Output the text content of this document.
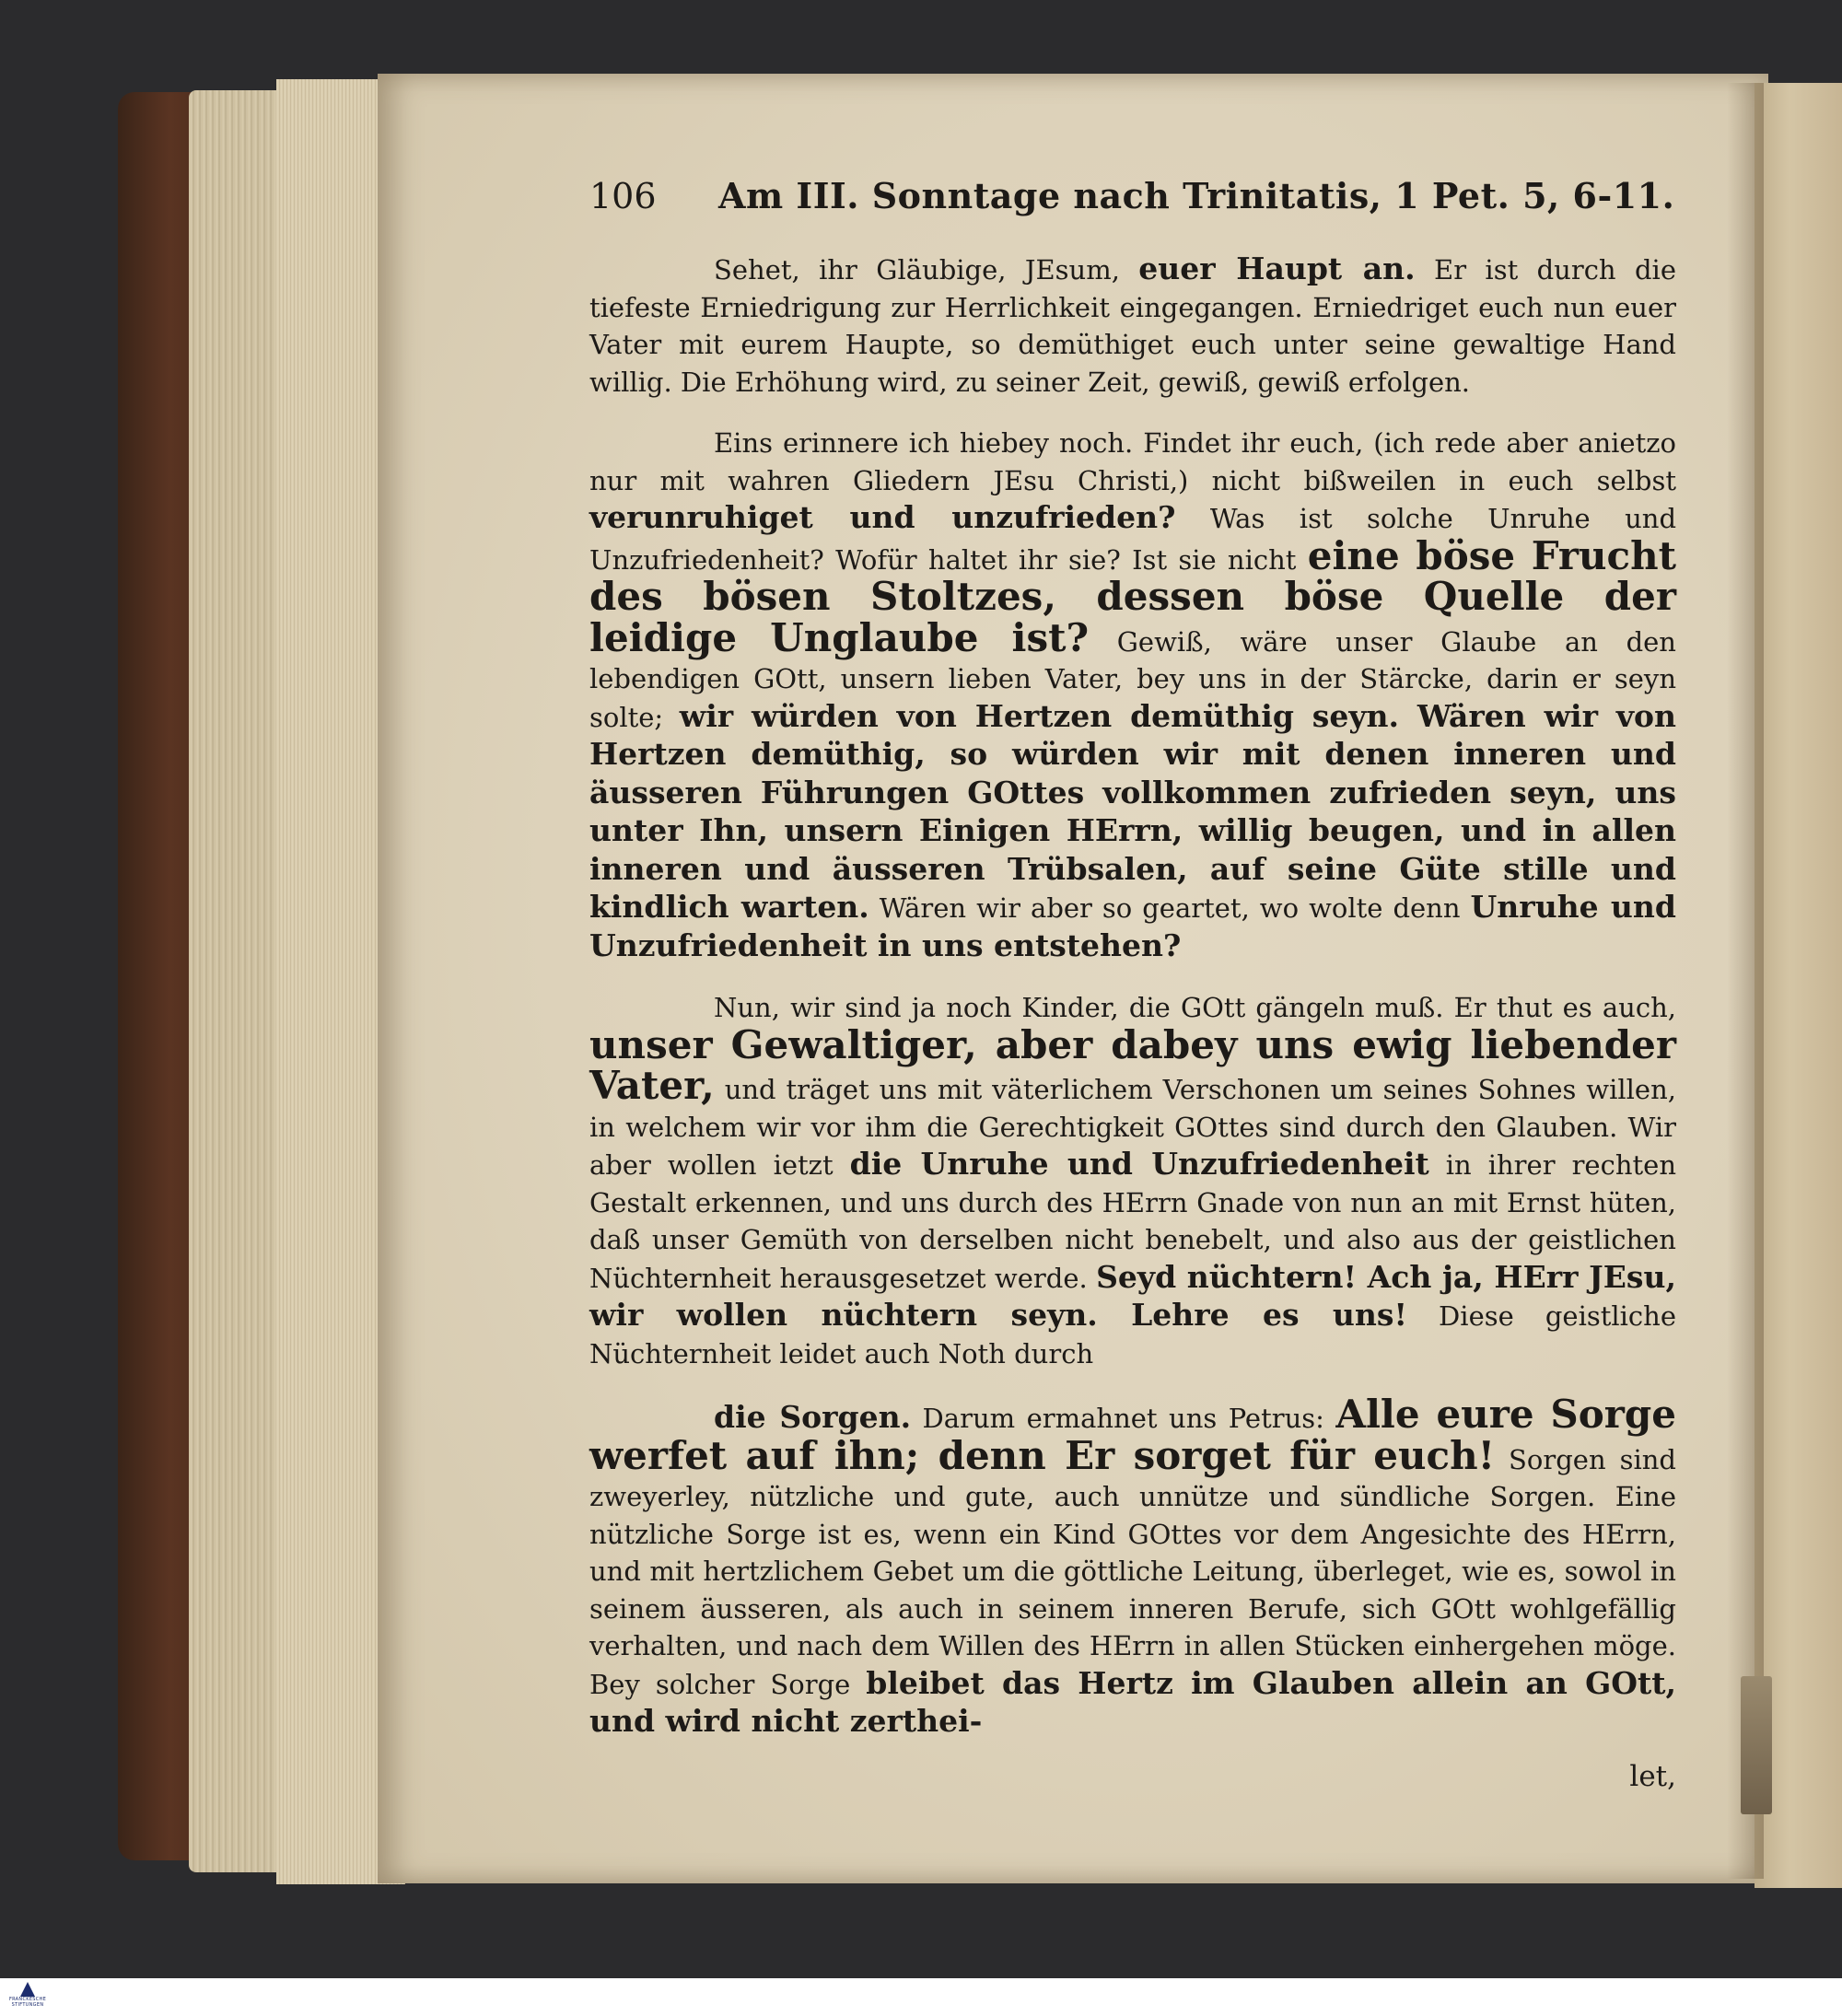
106	Am III. Sonntage nach Trinitatis, 1 Pet. 5, 6-11.

Sehet, ihr Gläubige, JEsum, euer Haupt an. Er ist durch die tiefeste Erniedrigung zur Herrlichkeit eingegangen. Erniedriget euch nun euer Vater mit eurem Haupte, so demüthiget euch unter seine gewaltige Hand willig. Die Erhöhung wird, zu seiner Zeit, gewiß, gewiß erfolgen.

Eins erinnere ich hiebey noch. Findet ihr euch, (ich rede aber anietzo nur mit wahren Gliedern JEsu Christi,) nicht bißweilen in euch selbst verunruhiget und unzufrieden? Was ist solche Unruhe und Unzufriedenheit? Wofür haltet ihr sie? Ist sie nicht eine böse Frucht des bösen Stoltzes, dessen böse Quelle der leidige Unglaube ist? Gewiß, wäre unser Glaube an den lebendigen GOtt, unsern lieben Vater, bey uns in der Stärcke, darin er seyn solte; wir würden von Hertzen demüthig seyn. Wären wir von Hertzen demüthig, so würden wir mit denen inneren und äusseren Führungen GOttes vollkommen zufrieden seyn, uns unter Ihn, unsern Einigen HErrn, willig beugen, und in allen inneren und äusseren Trübsalen, auf seine Güte stille und kindlich warten. Wären wir aber so geartet, wo wolte denn Unruhe und Unzufriedenheit in uns entstehen?

Nun, wir sind ja noch Kinder, die GOtt gängeln muß. Er thut es auch, unser Gewaltiger, aber dabey uns ewig liebender Vater, und träget uns mit väterlichem Verschonen um seines Sohnes willen, in welchem wir vor ihm die Gerechtigkeit GOttes sind durch den Glauben. Wir aber wollen ietzt die Unruhe und Unzufriedenheit in ihrer rechten Gestalt erkennen, und uns durch des HErrn Gnade von nun an mit Ernst hüten, daß unser Gemüth von derselben nicht benebelt, und also aus der geistlichen Nüchternheit herausgesetzet werde. Seyd nüchtern! Ach ja, HErr JEsu, wir wollen nüchtern seyn. Lehre es uns! Diese geistliche Nüchternheit leidet auch Noth durch

die Sorgen. Darum ermahnet uns Petrus: Alle eure Sorge werfet auf ihn; denn Er sorget für euch! Sorgen sind zweyerley, nützliche und gute, auch unnütze und sündliche Sorgen. Eine nützliche Sorge ist es, wenn ein Kind GOttes vor dem Angesichte des HErrn, und mit hertzlichem Gebet um die göttliche Leitung, überleget, wie es, sowol in seinem äusseren, als auch in seinem inneren Berufe, sich GOtt wohlgefällig verhalten, und nach dem Willen des HErrn in allen Stücken einhergehen möge. Bey solcher Sorge bleibet das Hertz im Glauben allein an GOtt, und wird nicht zerthei-

let,
FRANCKESCHE
STIFTUNGEN
